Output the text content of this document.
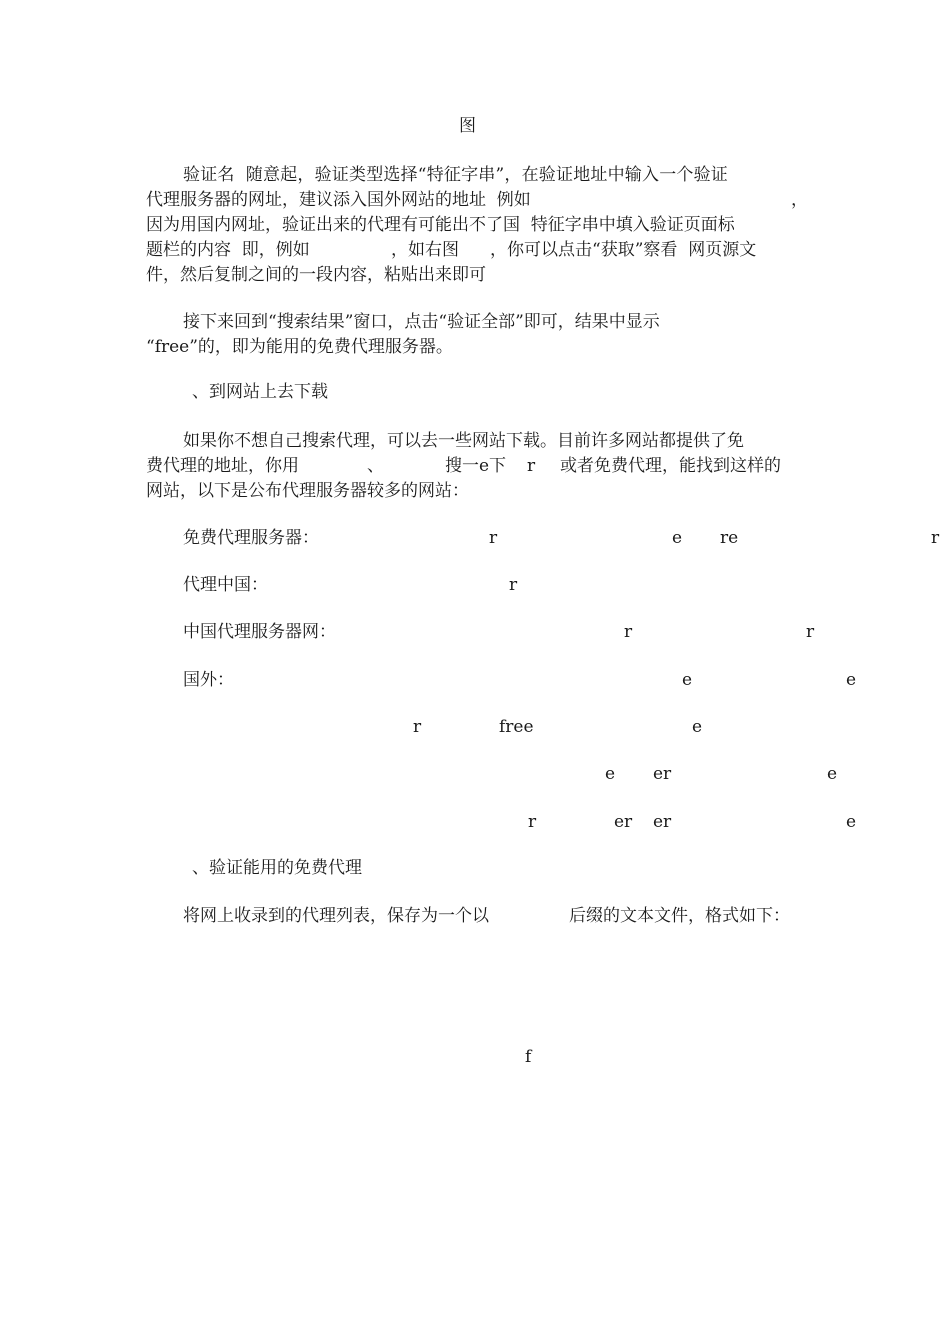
图

验证名  随意起，验证类型选择“特征字串”，在验证地址中输入一个验证

代理服务器的网址，建议添入国外网站的地址  例如	，

因为用国内网址，验证出来的代理有可能出不了国  特征字串中填入验证页面标

题栏的内容  即，例如	，如右图 ，你可以点击“获取”察看  网页源文

件，然后复制之间的一段内容，粘贴出来即可

接下来回到“搜索结果”窗口，点击“验证全部”即可，结果中显示

“free”的，即为能用的免费代理服务器。

、到网站上去下载

如果你不想自己搜索代理，可以去一些网站下载。目前许多网站都提供了免

费代理的地址，你用	、	搜一e下 r 或者免费代理，能找到这样的

网站，以下是公布代理服务器较多的网站：

免费代理服务器：	r	e re	r

代理中国：	r

中国代理服务器网：	r	r

国外：	e	e

r	free	e

e er	e

r	er er	e

、验证能用的免费代理

将网上收录到的代理列表，保存为一个以	后缀的文本文件，格式如下：

f
